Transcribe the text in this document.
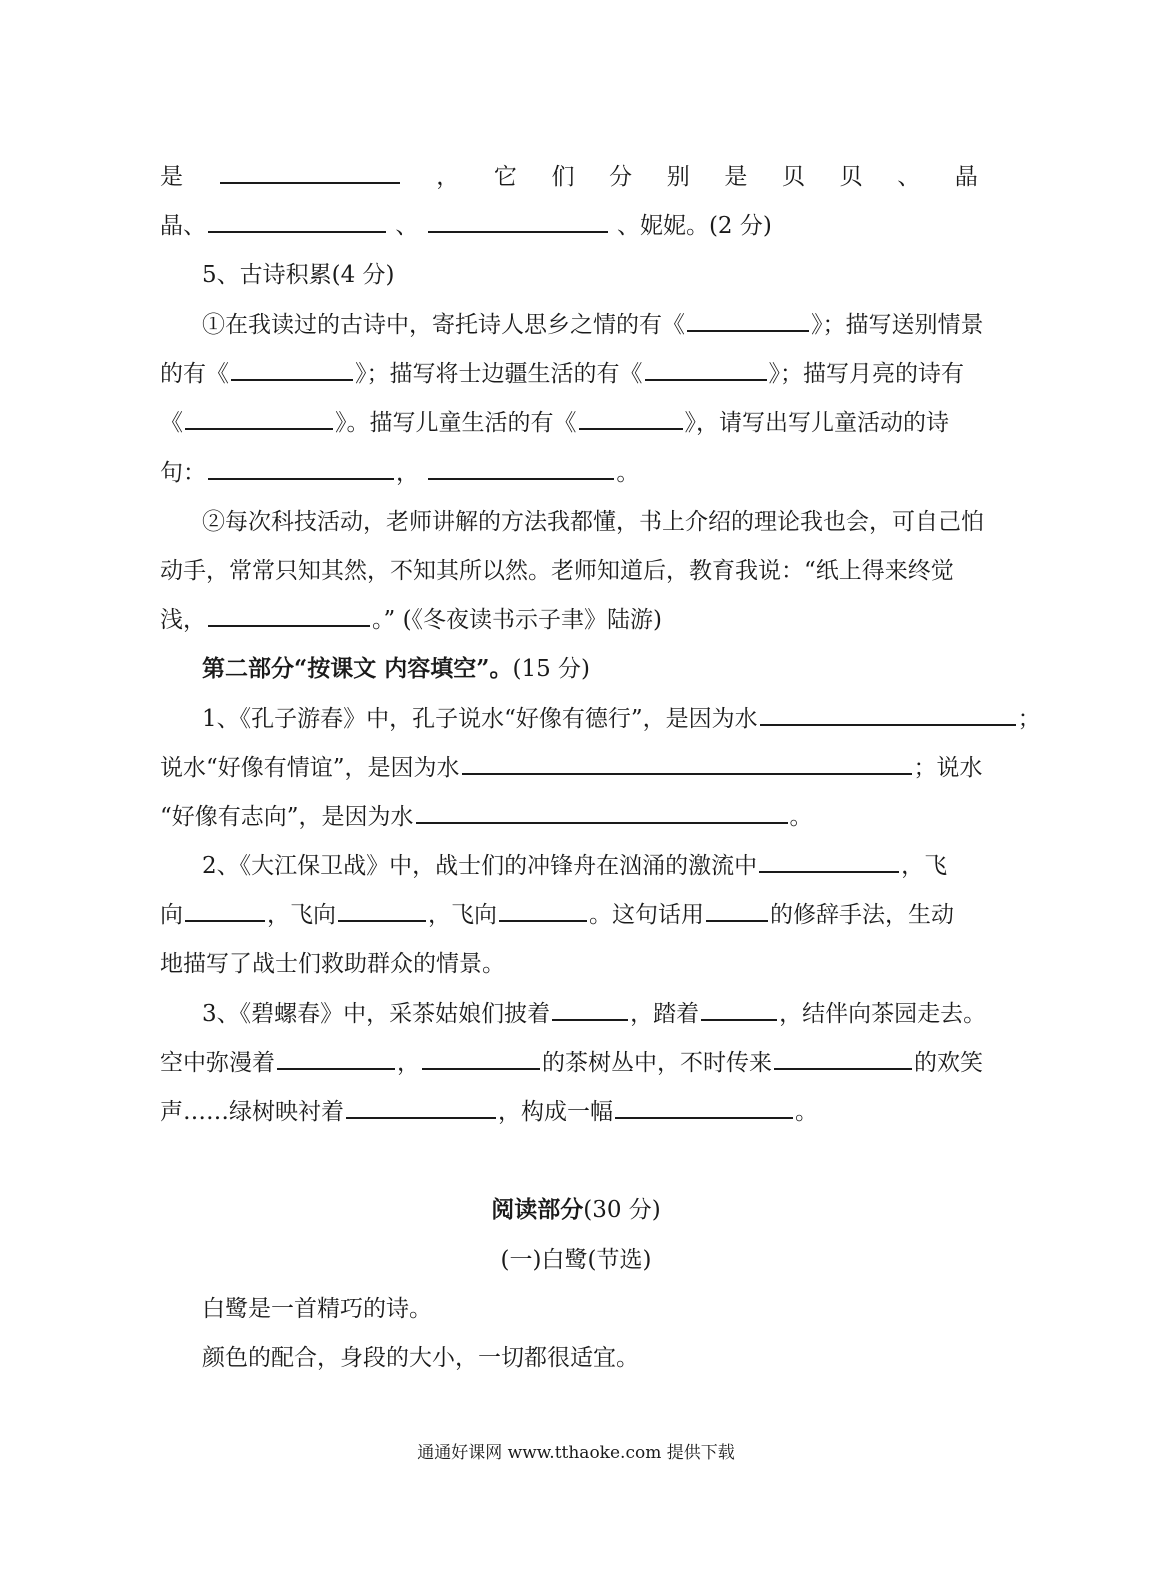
是	， 它 们 分 别 是 贝 贝 、 晶
晶、	、	、妮妮。(2 分)
5、古诗积累(4 分)
①在我读过的古诗中，寄托诗人思乡之情的有《	》；描写送别情景
的有《	》；描写将士边疆生活的有《	》；描写月亮的诗有
《	》。描写儿童生活的有《	》，请写出写儿童活动的诗
句：	，	。
②每次科技活动，老师讲解的方法我都懂，书上介绍的理论我也会，可自己怕
动手，常常只知其然，不知其所以然。老师知道后，教育我说：“纸上得来终觉
浅，	。” (《冬夜读书示子聿》陆游)
第二部分“按课文 内容填空”。(15 分)
1、《孔子游春》中，孔子说水“好像有德行”，是因为水	；
说水“好像有情谊”，是因为水	；说水
“好像有志向”，是因为水	。
2、《大江保卫战》中，战士们的冲锋舟在汹涌的激流中	，飞
向	，飞向	，飞向	。这句话用	的修辞手法，生动
地描写了战士们救助群众的情景。
3、《碧螺春》中，采茶姑娘们披着	，踏着	，结伴向茶园走去。
空中弥漫着	，	的茶树丛中，不时传来	的欢笑
声……绿树映衬着	，构成一幅	。
阅读部分(30 分)
(一)白鹭(节选)
白鹭是一首精巧的诗。
颜色的配合，身段的大小，一切都很适宜。
通通好课网 www.tthaoke.com 提供下载
